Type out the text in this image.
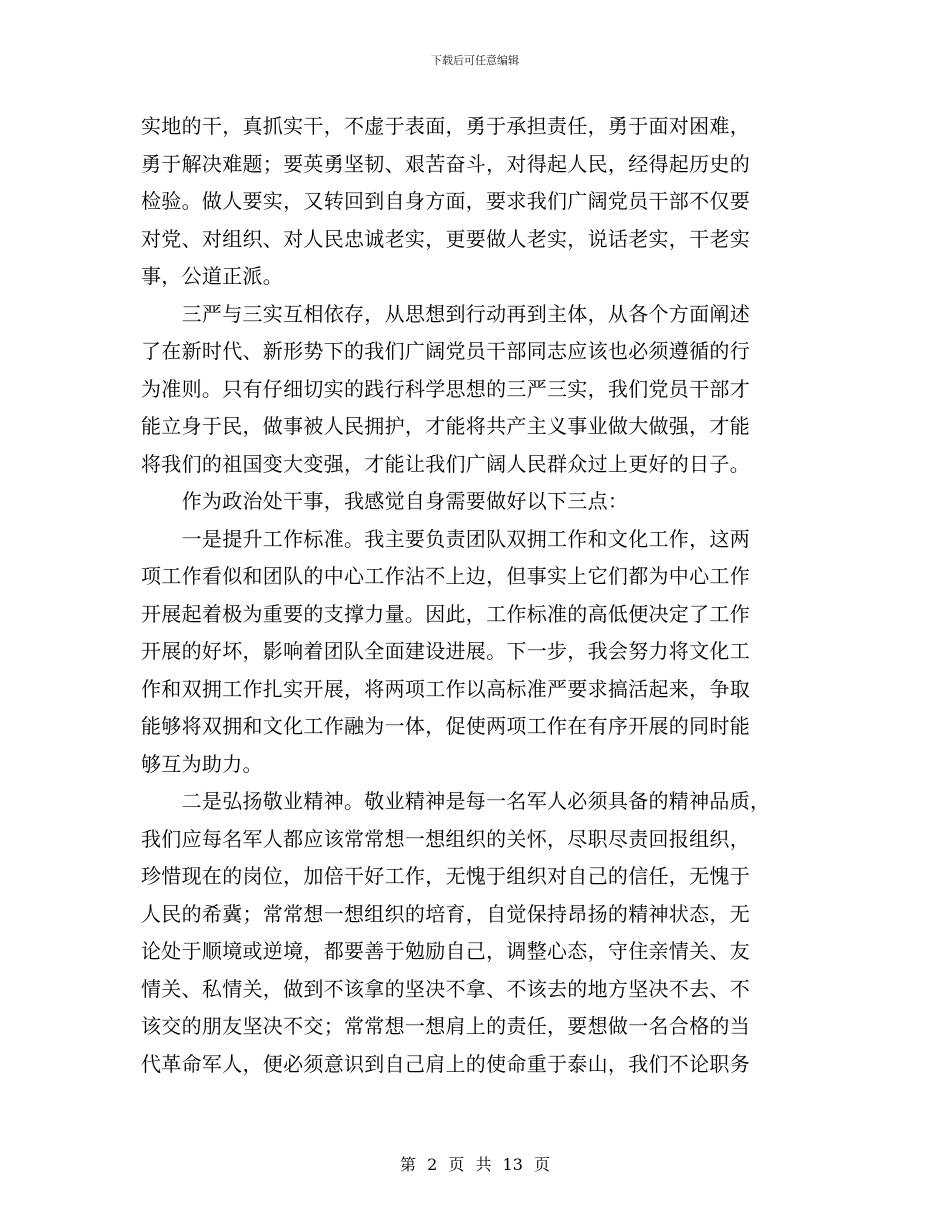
下载后可任意编辑
实地的干，真抓实干，不虚于表面，勇于承担责任，勇于面对困难，
勇于解决难题；要英勇坚韧、艰苦奋斗，对得起人民，经得起历史的
检验。做人要实，又转回到自身方面，要求我们广阔党员干部不仅要
对党、对组织、对人民忠诚老实，更要做人老实，说话老实，干老实
事，公道正派。
　　三严与三实互相依存，从思想到行动再到主体，从各个方面阐述
了在新时代、新形势下的我们广阔党员干部同志应该也必须遵循的行
为准则。只有仔细切实的践行科学思想的三严三实，我们党员干部才
能立身于民，做事被人民拥护，才能将共产主义事业做大做强，才能
将我们的祖国变大变强，才能让我们广阔人民群众过上更好的日子。
　　作为政治处干事，我感觉自身需要做好以下三点：
　　一是提升工作标准。我主要负责团队双拥工作和文化工作，这两
项工作看似和团队的中心工作沾不上边，但事实上它们都为中心工作
开展起着极为重要的支撑力量。因此，工作标准的高低便决定了工作
开展的好坏，影响着团队全面建设进展。下一步，我会努力将文化工
作和双拥工作扎实开展，将两项工作以高标准严要求搞活起来，争取
能够将双拥和文化工作融为一体，促使两项工作在有序开展的同时能
够互为助力。
　　二是弘扬敬业精神。敬业精神是每一名军人必须具备的精神品质，
我们应每名军人都应该常常想一想组织的关怀，尽职尽责回报组织，
珍惜现在的岗位，加倍干好工作，无愧于组织对自己的信任，无愧于
人民的希冀；常常想一想组织的培育，自觉保持昂扬的精神状态，无
论处于顺境或逆境，都要善于勉励自己，调整心态，守住亲情关、友
情关、私情关，做到不该拿的坚决不拿、不该去的地方坚决不去、不
该交的朋友坚决不交；常常想一想肩上的责任，要想做一名合格的当
代革命军人，便必须意识到自己肩上的使命重于泰山，我们不论职务
第 2 页 共 13 页
